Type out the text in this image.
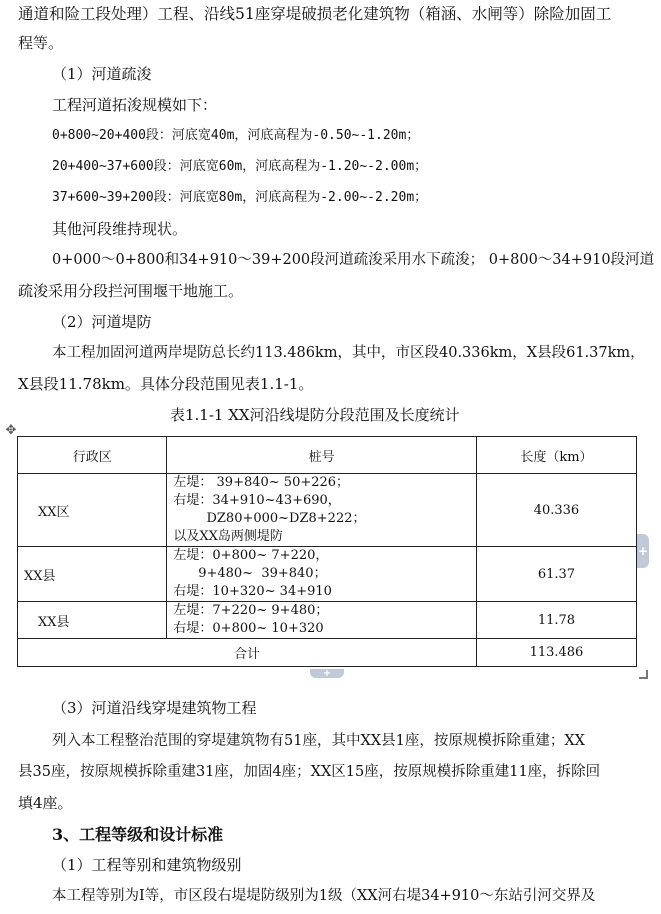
通道和险工段处理）工程、沿线51座穿堤破损老化建筑物（箱涵、水闸等）除险加固工
程等。
（1）河道疏浚
工程河道拓浚规模如下：
0+800~20+400段：河底宽40m，河底高程为-0.50~-1.20m；
20+400~37+600段：河底宽60m，河底高程为-1.20~-2.00m；
37+600~39+200段：河底宽80m，河底高程为-2.00~-2.20m；
其他河段维持现状。
0+000～0+800和34+910～39+200段河道疏浚采用水下疏浚； 0+800～34+910段河道
疏浚采用分段拦河围堰干地施工。
（2）河道堤防
本工程加固河道两岸堤防总长约113.486km，其中，市区段40.336km，X县段61.37km，
X县段11.78km。具体分段范围见表1.1-1。
表1.1-1 XX河沿线堤防分段范围及长度统计
✥
行政区	桩号	长度（km）
XX区	左堤： 39+840~ 50+226；
右堤：34+910~43+690，
DZ80+000~DZ8+222；
以及XX岛两侧堤防	40.336
XX县	左堤：0+800~ 7+220，
9+480~  39+840；
右堤：10+320~ 34+910	61.37
XX县	左堤：7+220~ 9+480；
右堤：0+800~ 10+320	11.78
合计		113.486
+
+
（3）河道沿线穿堤建筑物工程
列入本工程整治范围的穿堤建筑物有51座，其中XX县1座，按原规模拆除重建；XX
县35座，按原规模拆除重建31座，加固4座；XX区15座，按原规模拆除重建11座，拆除回
填4座。
3、工程等级和设计标准
（1）工程等别和建筑物级别
本工程等别为Ⅰ等，市区段右堤堤防级别为1级（XX河右堤34+910～东站引河交界及
